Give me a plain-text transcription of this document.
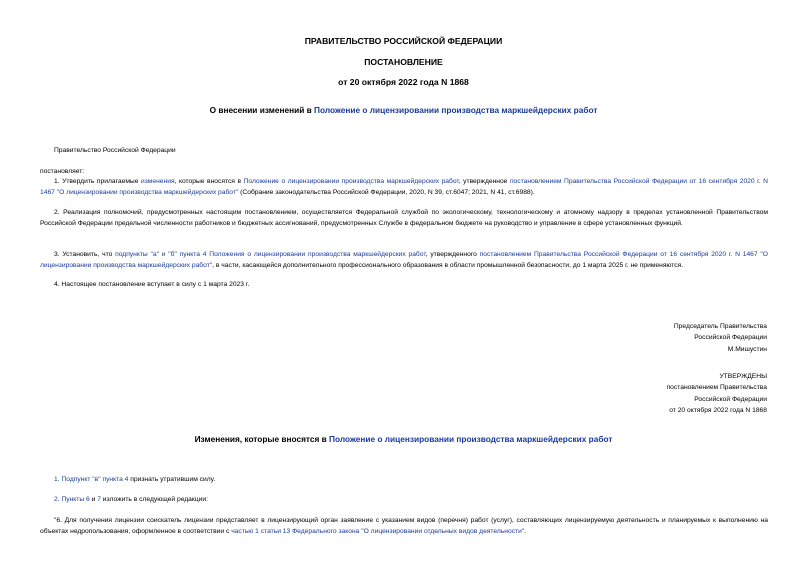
ПРАВИТЕЛЬСТВО РОССИЙСКОЙ ФЕДЕРАЦИИ
ПОСТАНОВЛЕНИЕ
от 20 октября 2022 года N 1868
О внесении изменений в Положение о лицензировании производства маркшейдерских работ
Правительство Российской Федерации
постановляет:
1. Утвердить прилагаемые изменения, которые вносятся в Положение о лицензировании производства маркшейдерских работ, утвержденное постановлением Правительства Российской Федерации от 16 сентября 2020 г. N 1467 "О лицензировании производства маркшейдерских работ" (Собрание законодательства Российской Федерации, 2020, N 39, ст.6047; 2021, N 41, ст.6988).
2. Реализация полномочий, предусмотренных настоящим постановлением, осуществляется Федеральной службой по экологическому, технологическому и атомному надзору в пределах установленной Правительством Российской Федерации предельной численности работников и бюджетных ассигнований, предусмотренных Службе в федеральном бюджете на руководство и управление в сфере установленных функций.
3. Установить, что подпункты "а" и "б" пункта 4 Положения о лицензировании производства маркшейдерских работ, утвержденного постановлением Правительства Российской Федерации от 16 сентября 2020 г. N 1467 "О лицензировании производства маркшейдерских работ", в части, касающейся дополнительного профессионального образования в области промышленной безопасности, до 1 марта 2025 г. не применяются.
4. Настоящее постановление вступает в силу с 1 марта 2023 г.
Председатель Правительства
Российской Федерации
М.Мишустин
УТВЕРЖДЕНЫ
постановлением Правительства
Российской Федерации
от 20 октября 2022 года N 1868
Изменения, которые вносятся в Положение о лицензировании производства маркшейдерских работ
1. Подпункт "в" пункта 4 признать утратившим силу.
2. Пункты 6 и 7 изложить в следующей редакции:
"6. Для получения лицензии соискатель лицензии представляет в лицензирующий орган заявление с указанием видов (перечня) работ (услуг), составляющих лицензируемую деятельность и планируемых к выполнению на объектах недропользования, оформленное в соответствии с частью 1 статьи 13 Федерального закона "О лицензировании отдельных видов деятельности".
